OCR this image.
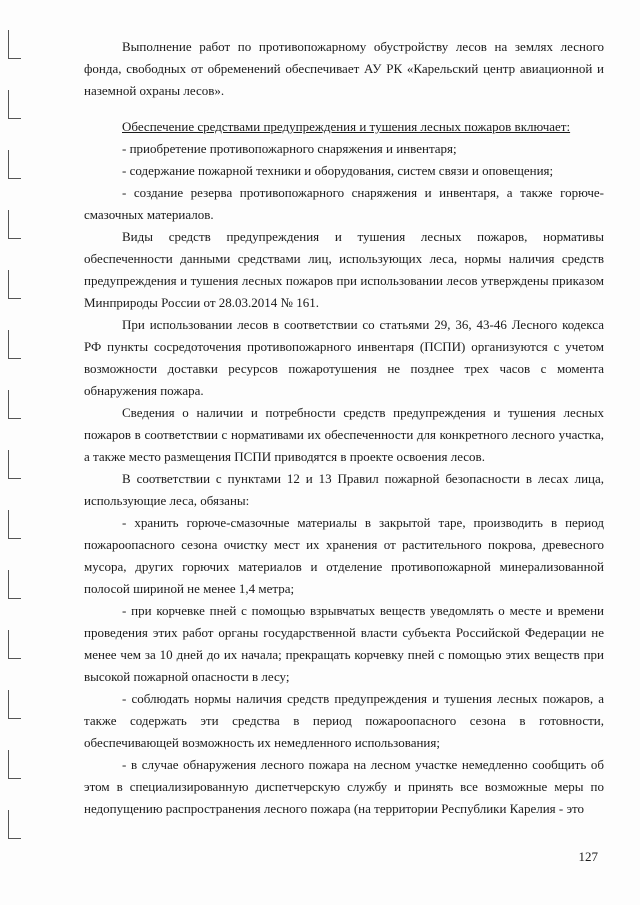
Выполнение работ по противопожарному обустройству лесов на землях лесного фонда, свободных от обременений обеспечивает АУ РК «Карельский центр авиационной и наземной охраны лесов».

Обеспечение средствами предупреждения и тушения лесных пожаров включает:

- приобретение противопожарного снаряжения и инвентаря;

- содержание пожарной техники и оборудования, систем связи и оповещения;

- создание резерва противопожарного снаряжения и инвентаря, а также горюче-смазочных материалов.

Виды средств предупреждения и тушения лесных пожаров, нормативы обеспеченности данными средствами лиц, использующих леса, нормы наличия средств предупреждения и тушения лесных пожаров при использовании лесов утверждены приказом Минприроды России от 28.03.2014 № 161.

При использовании лесов в соответствии со статьями 29, 36, 43-46 Лесного кодекса РФ пункты сосредоточения противопожарного инвентаря (ПСПИ) организуются с учетом возможности доставки ресурсов пожаротушения не позднее трех часов с момента обнаружения пожара.

Сведения о наличии и потребности средств предупреждения и тушения лесных пожаров в соответствии с нормативами их обеспеченности для конкретного лесного участка, а также место размещения ПСПИ приводятся в проекте освоения лесов.

В соответствии с пунктами 12 и 13 Правил пожарной безопасности в лесах лица, использующие леса, обязаны:

- хранить горюче-смазочные материалы в закрытой таре, производить в период пожароопасного сезона очистку мест их хранения от растительного покрова, древесного мусора, других горючих материалов и отделение противопожарной минерализованной полосой шириной не менее 1,4 метра;

- при корчевке пней с помощью взрывчатых веществ уведомлять о месте и времени проведения этих работ органы государственной власти субъекта Российской Федерации не менее чем за 10 дней до их начала; прекращать корчевку пней с помощью этих веществ при высокой пожарной опасности в лесу;

- соблюдать нормы наличия средств предупреждения и тушения лесных пожаров, а также содержать эти средства в период пожароопасного сезона в готовности, обеспечивающей возможность их немедленного использования;

- в случае обнаружения лесного пожара на лесном участке немедленно сообщить об этом в специализированную диспетчерскую службу и принять все возможные меры по недопущению распространения лесного пожара (на территории Республики Карелия - это

127
